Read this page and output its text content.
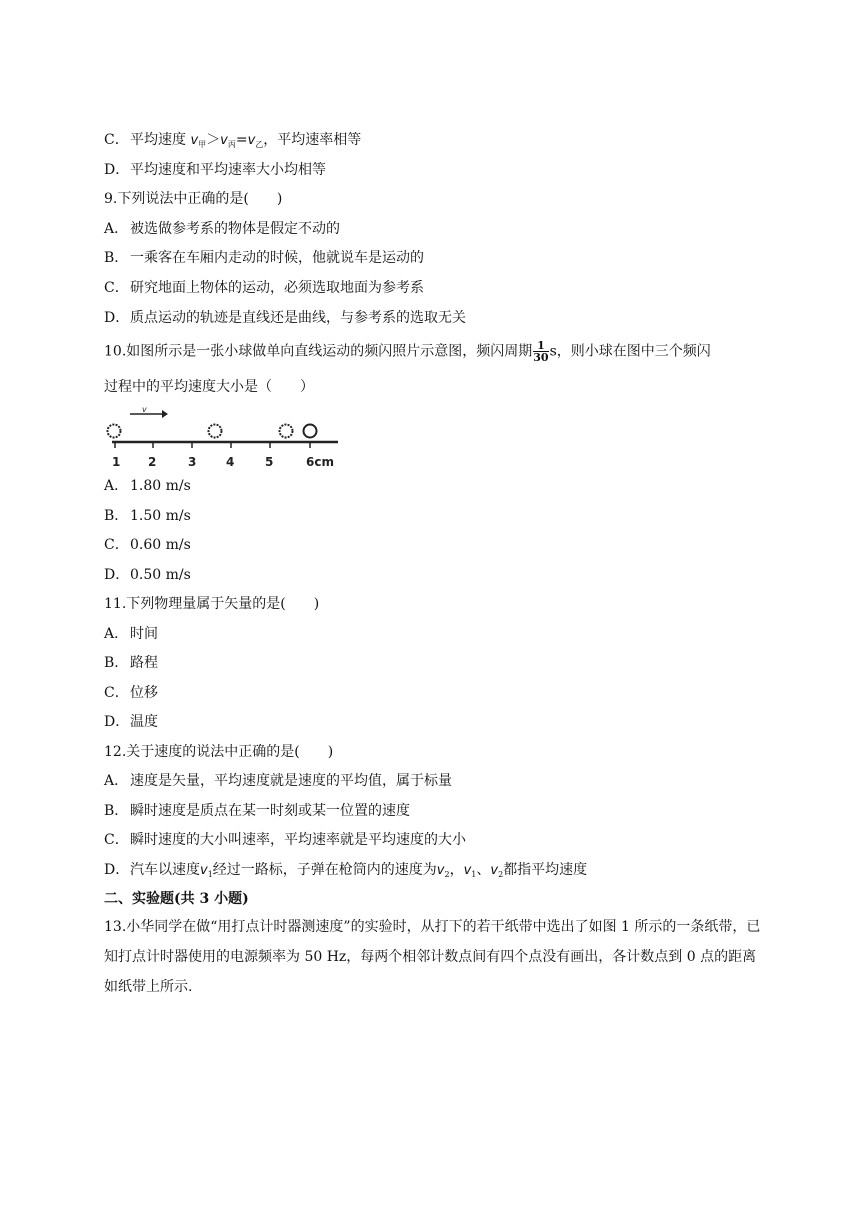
C．平均速度 $v_甲>v_丙=v_乙$，平均速率相等
D．平均速度和平均速率大小均相等
9.下列说法中正确的是(　　)
A． 被选做参考系的物体是假定不动的
B． 一乘客在车厢内走动的时候，他就说车是运动的
C．研究地面上物体的运动，必须选取地面为参考系
D．质点运动的轨迹是直线还是曲线，与参考系的选取无关
10.如图所示是一张小球做单向直线运动的频闪照片示意图，频闪周期 $\frac{1}{30}$ s，则小球在图中三个频闪
过程中的平均速度大小是（　　）
v
1 2	3 4	5	6cm
A． 1.80 m/s
B． 1.50 m/s
C．0.60 m/s
D．0.50 m/s
11.下列物理量属于矢量的是(　　)
A． 时间
B． 路程
C．位移
D．温度
12.关于速度的说法中正确的是(　　)
A． 速度是矢量，平均速度就是速度的平均值，属于标量
B． 瞬时速度是质点在某一时刻或某一位置的速度
C．瞬时速度的大小叫速率，平均速率就是平均速度的大小
D．汽车以速度$v_1$经过一路标，子弹在枪筒内的速度为$v_2$，$v_1$、$v_2$都指平均速度
二、实验题(共 3 小题)
13.小华同学在做“用打点计时器测速度”的实验时，从打下的若干纸带中选出了如图 1 所示的一条纸带，已知打点计时器使用的电源频率为 50 Hz，每两个相邻计数点间有四个点没有画出，各计数点到 0 点的距离如纸带上所示.
